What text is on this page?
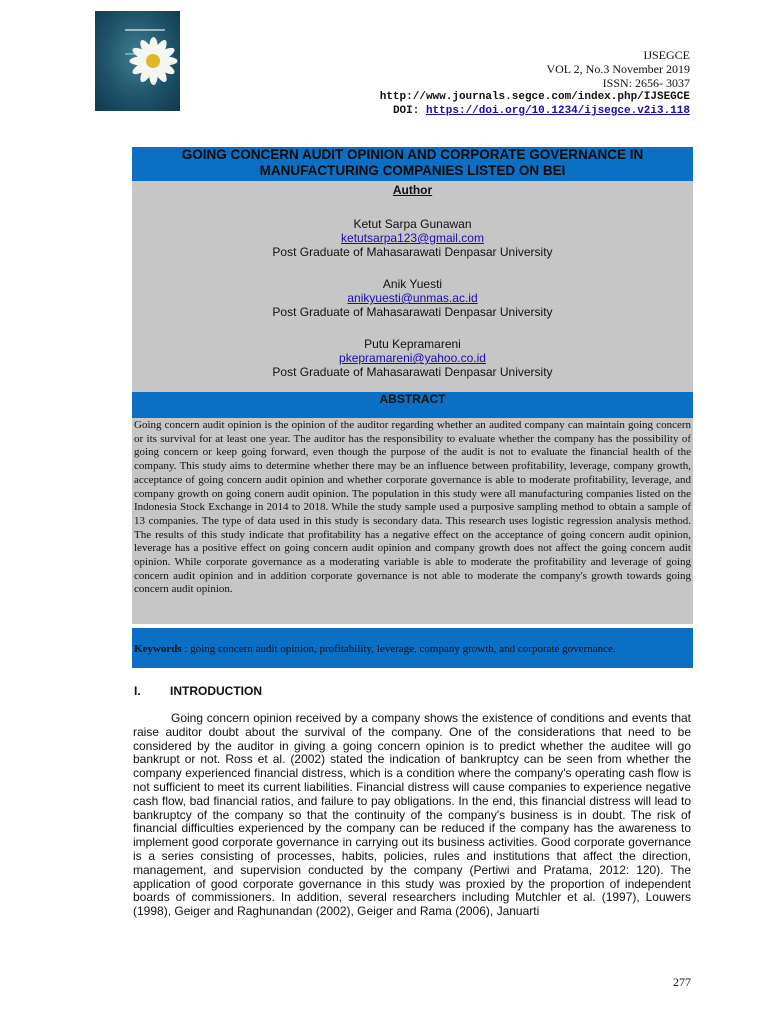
IJSEGCE
VOL 2, No.3 November 2019
ISSN: 2656- 3037
http://www.journals.segce.com/index.php/IJSEGCE
DOI: https://doi.org/10.1234/ijsegce.v2i3.118
GOING CONCERN AUDIT OPINION AND CORPORATE GOVERNANCE IN MANUFACTURING COMPANIES LISTED ON BEI
Author
Ketut Sarpa Gunawan
ketutsarpa123@gmail.com
Post Graduate of Mahasarawati Denpasar University
Anik Yuesti
anikyuesti@unmas.ac.id
Post Graduate of Mahasarawati Denpasar University
Putu Kepramareni
pkepramareni@yahoo.co.id
Post Graduate of Mahasarawati Denpasar University
ABSTRACT
Going concern audit opinion is the opinion of the auditor regarding whether an audited company can maintain going concern or its survival for at least one year. The auditor has the responsibility to evaluate whether the company has the possibility of going concern or keep going forward, even though the purpose of the audit is not to evaluate the financial health of the company. This study aims to determine whether there may be an influence between profitability, leverage, company growth, acceptance of going concern audit opinion and whether corporate governance is able to moderate profitability, leverage, and company growth on going conern audit opinion. The population in this study were all manufacturing companies listed on the Indonesia Stock Exchange in 2014 to 2018. While the study sample used a purposive sampling method to obtain a sample of 13 companies. The type of data used in this study is secondary data. This research uses logistic regression analysis method. The results of this study indicate that profitability has a negative effect on the acceptance of going concern audit opinion, leverage has a positive effect on going concern audit opinion and company growth does not affect the going concern audit opinion. While corporate governance as a moderating variable is able to moderate the profitability and leverage of going concern audit opinion and in addition corporate governance is not able to moderate the company's growth towards going concern audit opinion.
Keywords : going concern audit opinion, profitability, leverage, company growth, and corporate governance.
I. INTRODUCTION
Going concern opinion received by a company shows the existence of conditions and events that raise auditor doubt about the survival of the company. One of the considerations that need to be considered by the auditor in giving a going concern opinion is to predict whether the auditee will go bankrupt or not. Ross et al. (2002) stated the indication of bankruptcy can be seen from whether the company experienced financial distress, which is a condition where the company's operating cash flow is not sufficient to meet its current liabilities. Financial distress will cause companies to experience negative cash flow, bad financial ratios, and failure to pay obligations. In the end, this financial distress will lead to bankruptcy of the company so that the continuity of the company's business is in doubt. The risk of financial difficulties experienced by the company can be reduced if the company has the awareness to implement good corporate governance in carrying out its business activities. Good corporate governance is a series consisting of processes, habits, policies, rules and institutions that affect the direction, management, and supervision conducted by the company (Pertiwi and Pratama, 2012: 120). The application of good corporate governance in this study was proxied by the proportion of independent boards of commissioners. In addition, several researchers including Mutchler et al. (1997), Louwers (1998), Geiger and Raghunandan (2002), Geiger and Rama (2006), Januarti
277
